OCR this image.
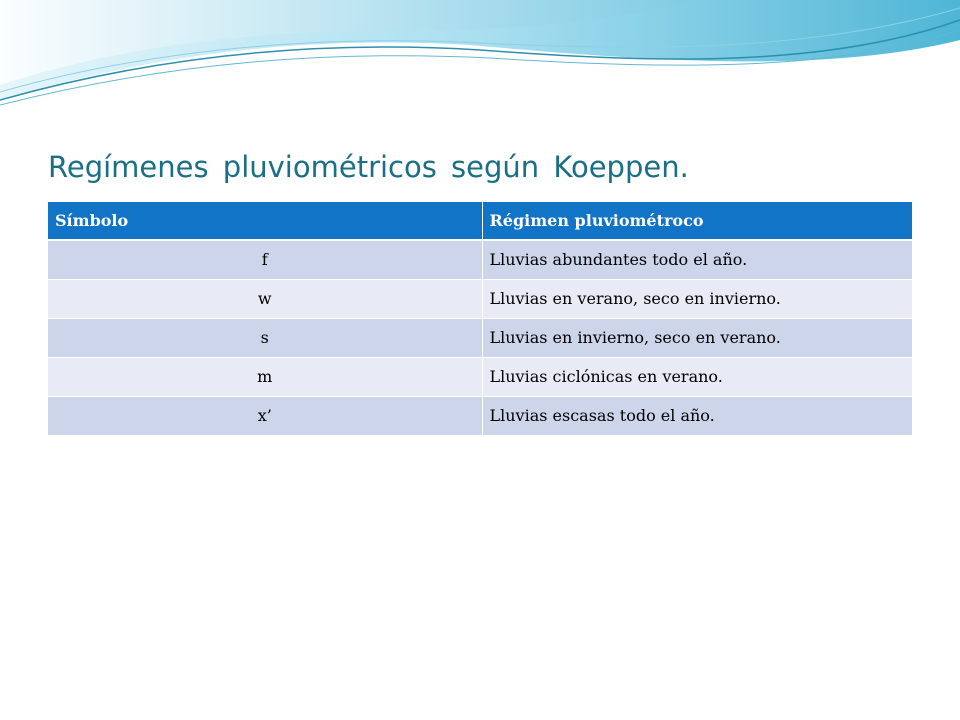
Regímenes pluviométricos según Koeppen.
Símbolo	Régimen pluviométroco
f	Lluvias abundantes todo el año.
w	Lluvias en verano, seco en invierno.
s	Lluvias en invierno, seco en verano.
m	Lluvias ciclónicas en verano.
x’	Lluvias escasas todo el año.
